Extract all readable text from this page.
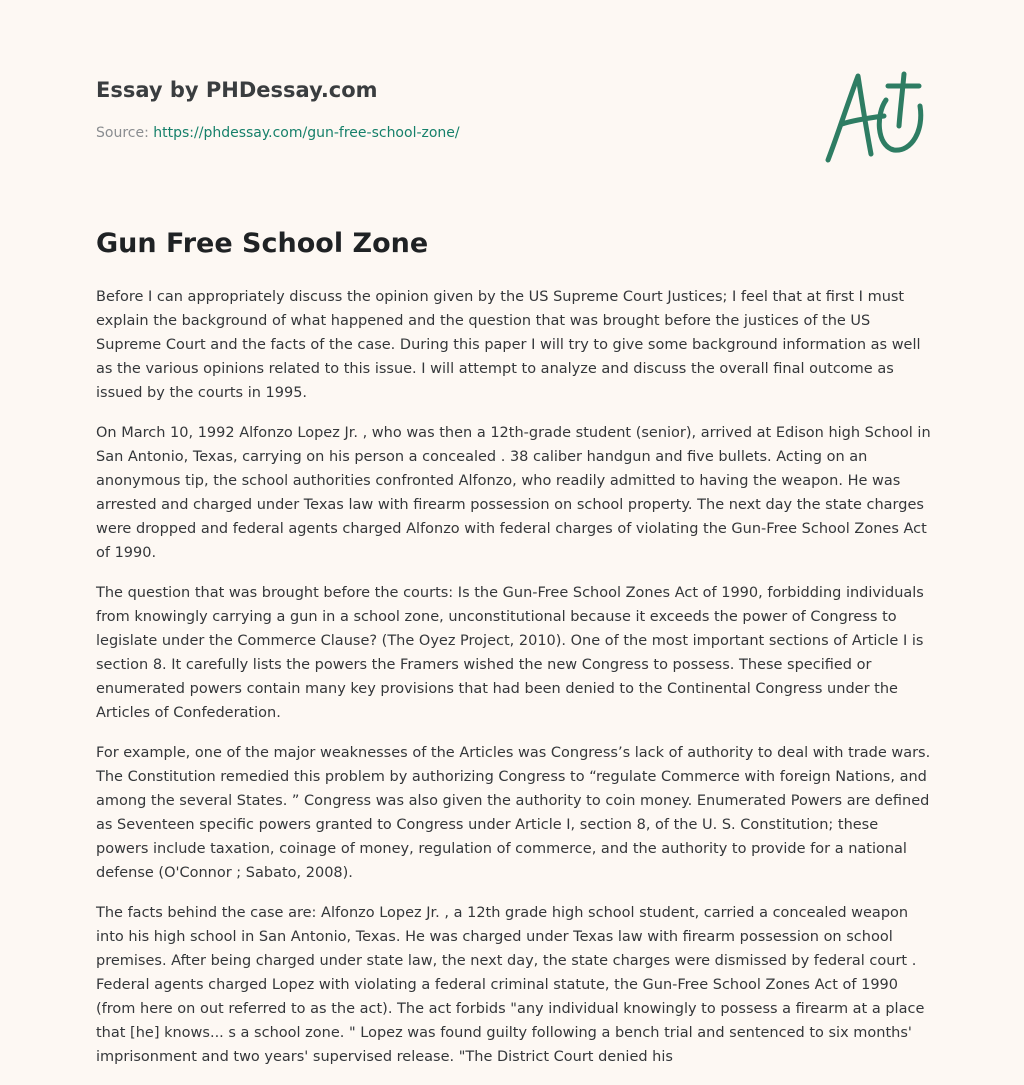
Essay by PHDessay.com
Source: https://phdessay.com/gun-free-school-zone/
Gun Free School Zone

Before I can appropriately discuss the opinion given by the US Supreme Court Justices; I feel that at first I must explain the background of what happened and the question that was brought before the justices of the US Supreme Court and the facts of the case. During this paper I will try to give some background information as well as the various opinions related to this issue. I will attempt to analyze and discuss the overall final outcome as issued by the courts in 1995.

On March 10, 1992 Alfonzo Lopez Jr. , who was then a 12th-grade student (senior), arrived at Edison high School in San Antonio, Texas, carrying on his person a concealed . 38 caliber handgun and five bullets. Acting on an anonymous tip, the school authorities confronted Alfonzo, who readily admitted to having the weapon. He was arrested and charged under Texas law with firearm possession on school property. The next day the state charges were dropped and federal agents charged Alfonzo with federal charges of violating the Gun-Free School Zones Act of 1990.

The question that was brought before the courts: Is the Gun-Free School Zones Act of 1990, forbidding individuals from knowingly carrying a gun in a school zone, unconstitutional because it exceeds the power of Congress to legislate under the Commerce Clause? (The Oyez Project, 2010). One of the most important sections of Article I is section 8. It carefully lists the powers the Framers wished the new Congress to possess. These specified or enumerated powers contain many key provisions that had been denied to the Continental Congress under the Articles of Confederation.

For example, one of the major weaknesses of the Articles was Congress’s lack of authority to deal with trade wars. The Constitution remedied this problem by authorizing Congress to “regulate Commerce with foreign Nations, and among the several States. ” Congress was also given the authority to coin money. Enumerated Powers are defined as Seventeen specific powers granted to Congress under Article I, section 8, of the U. S. Constitution; these powers include taxation, coinage of money, regulation of commerce, and the authority to provide for a national defense (O'Connor ; Sabato, 2008).

The facts behind the case are: Alfonzo Lopez Jr. , a 12th grade high school student, carried a concealed weapon into his high school in San Antonio, Texas. He was charged under Texas law with firearm possession on school premises. After being charged under state law, the next day, the state charges were dismissed by federal court . Federal agents charged Lopez with violating a federal criminal statute, the Gun-Free School Zones Act of 1990 (from here on out referred to as the act). The act forbids "any individual knowingly to possess a firearm at a place that [he] knows... s a school zone. " Lopez was found guilty following a bench trial and sentenced to six months' imprisonment and two years' supervised release. "The District Court denied his
